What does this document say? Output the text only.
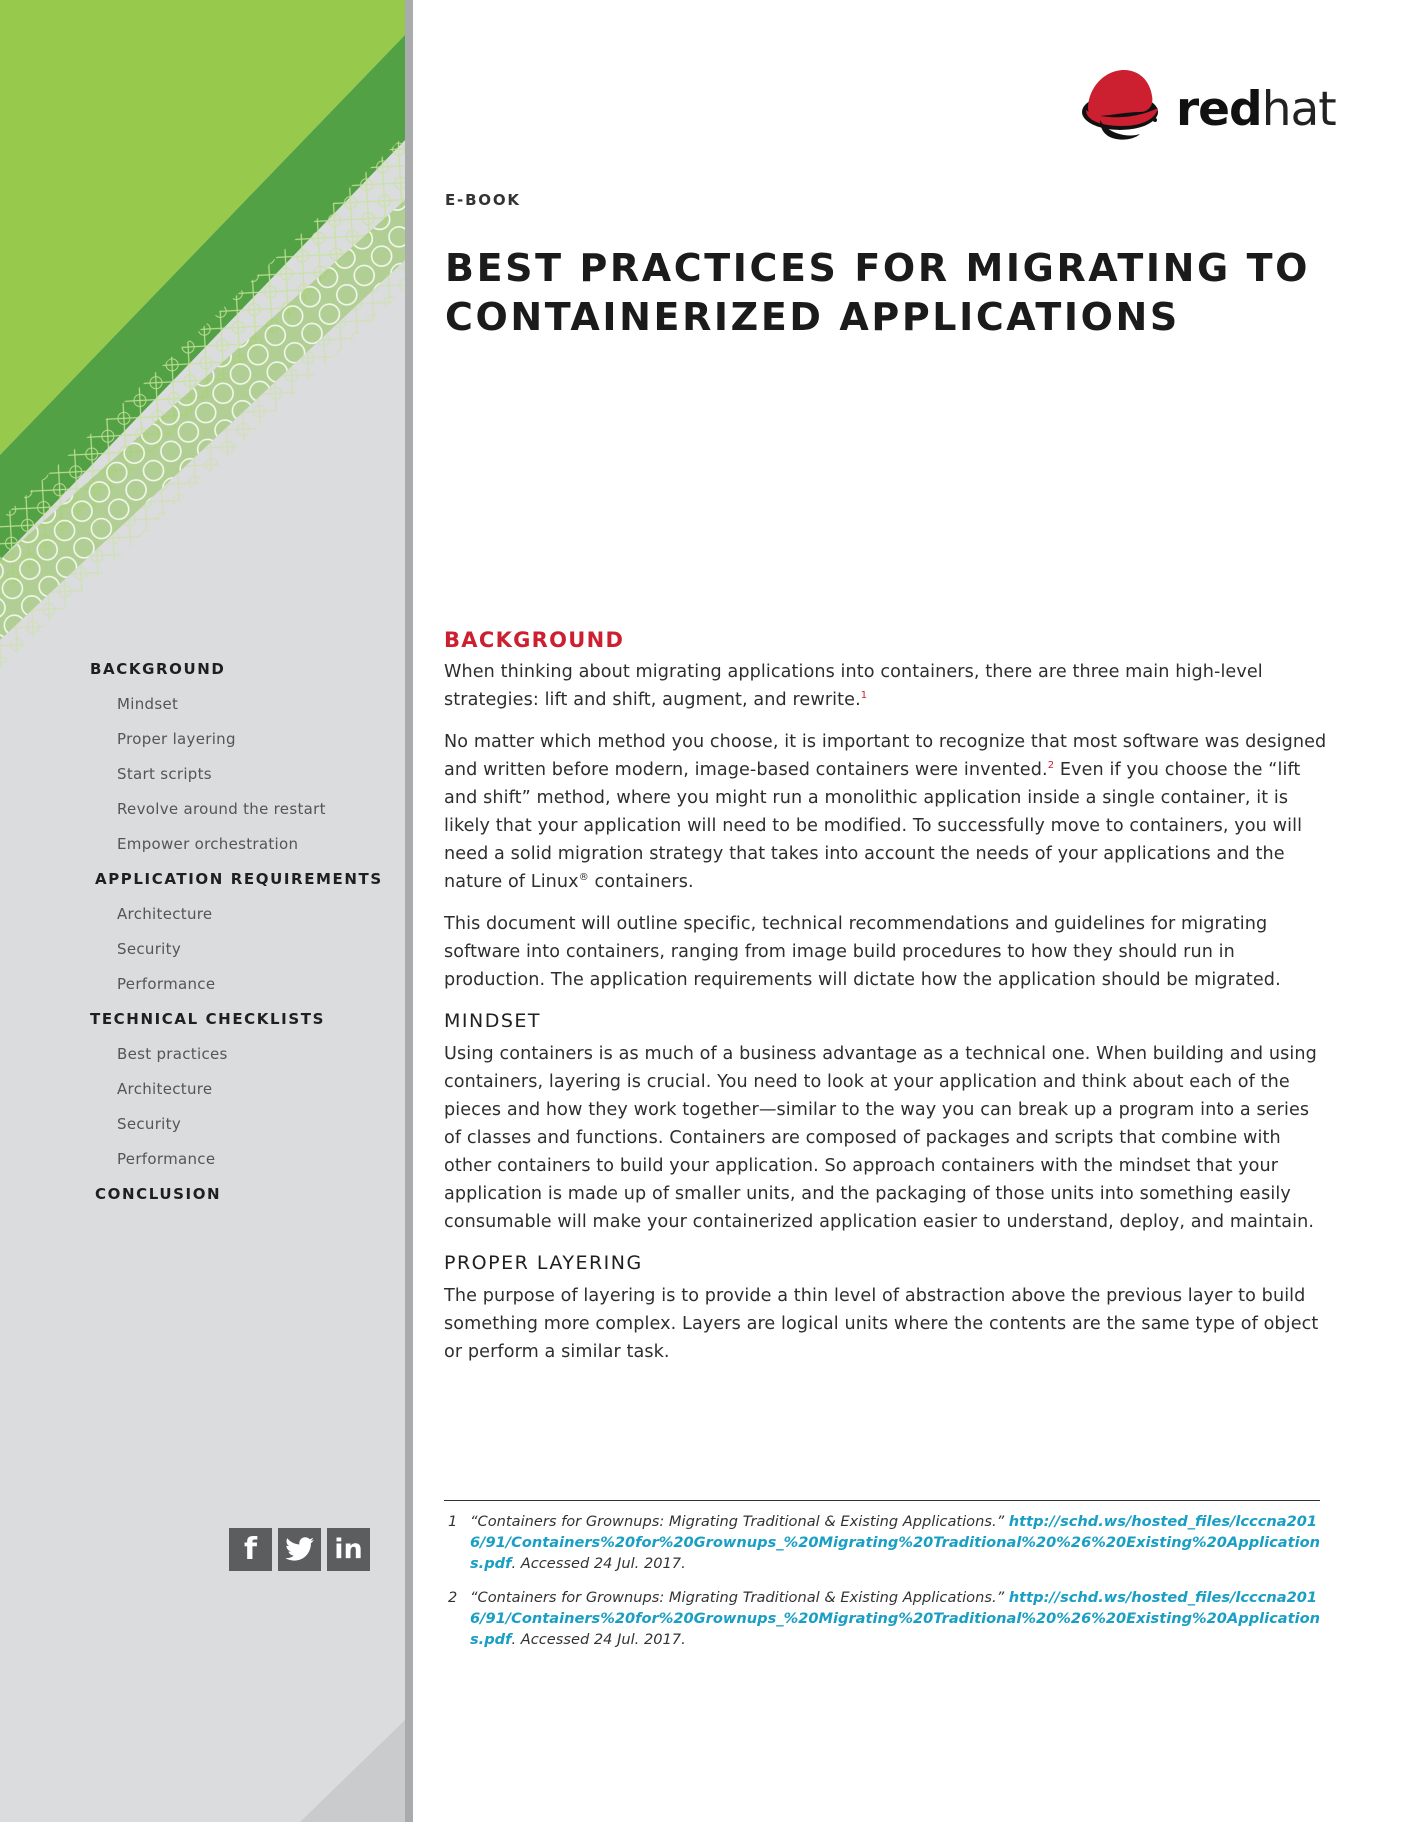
BACKGROUND
Mindset
Proper layering
Start scripts
Revolve around the restart
Empower orchestration
APPLICATION REQUIREMENTS
Architecture
Security
Performance
TECHNICAL CHECKLISTS
Best practices
Architecture
Security
Performance
CONCLUSION
f	in
redhat
E-BOOK
BEST PRACTICES FOR MIGRATING TO
CONTAINERIZED APPLICATIONS
BACKGROUND

When thinking about migrating applications into containers, there are three main high-level strategies: lift and shift, augment, and rewrite.$^1$

No matter which method you choose, it is important to recognize that most software was designed and written before modern, image-based containers were invented.$^2$ Even if you choose the “lift and shift” method, where you might run a monolithic application inside a single container, it is likely that your application will need to be modified. To successfully move to containers, you will need a solid migration strategy that takes into account the needs of your applications and the nature of Linux® containers.

This document will outline specific, technical recommendations and guidelines for migrating software into containers, ranging from image build procedures to how they should run in production. The application requirements will dictate how the application should be migrated.

MINDSET

Using containers is as much of a business advantage as a technical one. When building and using containers, layering is crucial. You need to look at your application and think about each of the pieces and how they work together—similar to the way you can break up a program into a series of classes and functions. Containers are composed of packages and scripts that combine with other containers to build your application. So approach containers with the mindset that your application is made up of smaller units, and the packaging of those units into something easily consumable will make your containerized application easier to understand, deploy, and maintain.

PROPER LAYERING

The purpose of layering is to provide a thin level of abstraction above the previous layer to build something more complex. Layers are logical units where the contents are the same type of object or perform a similar task.

1 “Containers for Grownups: Migrating Traditional & Existing Applications.” http://schd.ws/hosted_files/lcccna2016/91/Containers%20for%20Grownups_%20Migrating%20Traditional%20%26%20Existing%20Applications.pdf. Accessed 24 Jul. 2017.
2 “Containers for Grownups: Migrating Traditional & Existing Applications.” http://schd.ws/hosted_files/lcccna2016/91/Containers%20for%20Grownups_%20Migrating%20Traditional%20%26%20Existing%20Applications.pdf. Accessed 24 Jul. 2017.
